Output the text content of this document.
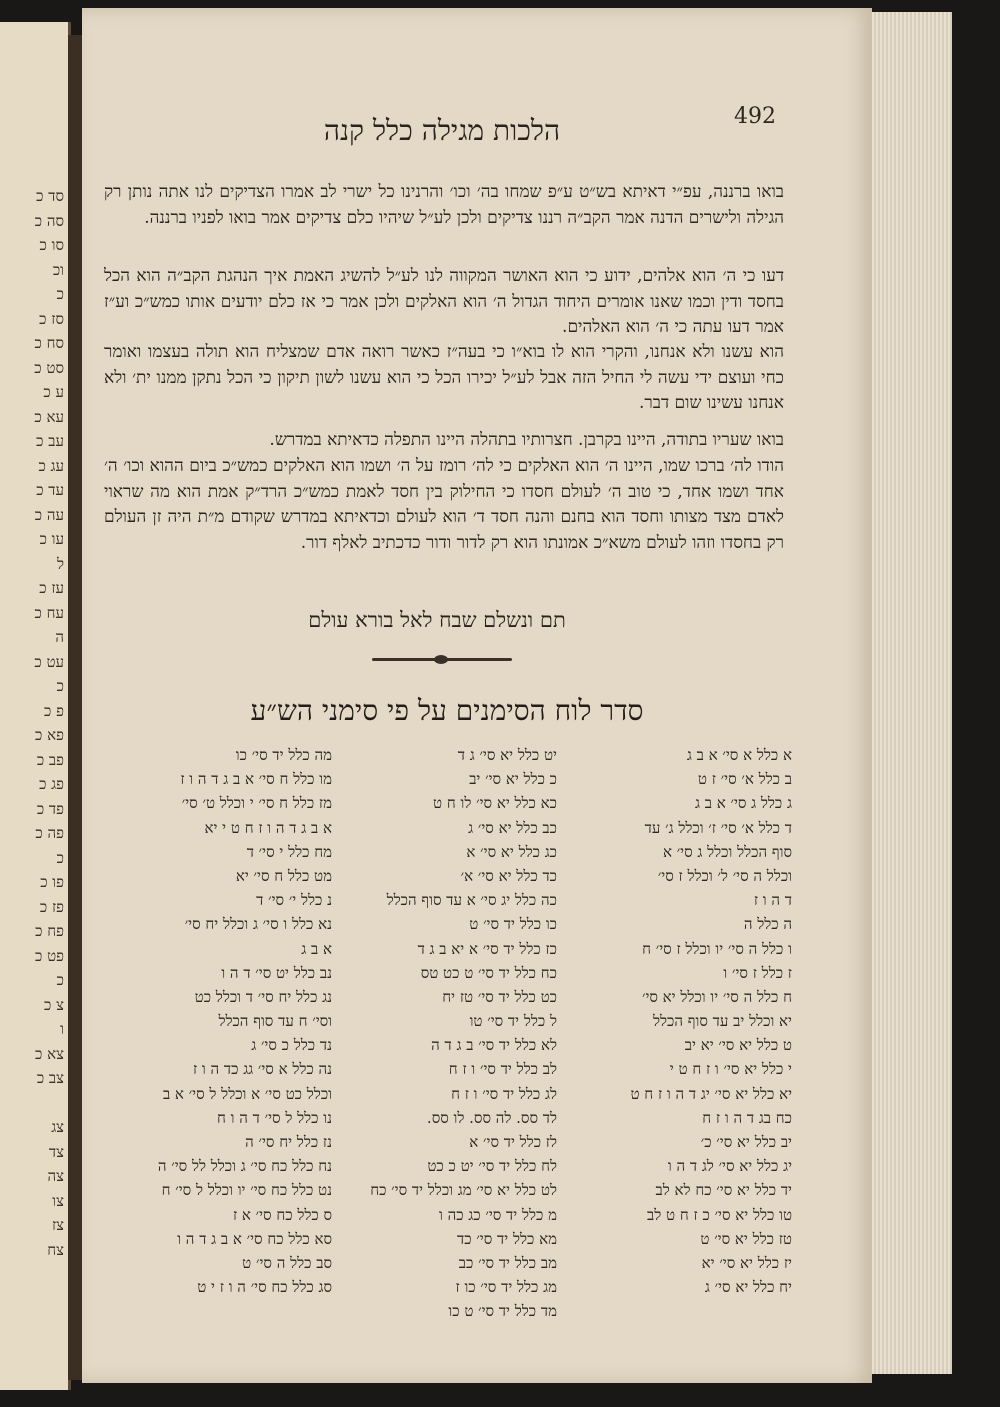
סד כ
סה כ
סו כ
וכ
כ
סז כ
סח כ
סט כ
ע כ
עא כ
עב כ
עג כ
עד כ
עה כ
עו כ
ל
עז כ
עח כ
ה
עט כ
כ
פ כ
פא כ
פב כ
פג כ
פד כ
פה כ
כ
פו כ
פז כ
פח כ
פט כ
כ
צ כ
ו
צא כ
צב כ
צג
צד
צה
צו
צז
צח
492
הלכות מגילה כלל קנה
בואו ברננה, עפ״י דאיתא בש״ט ע״פ שמחו בה׳ וכו׳ והרנינו כל ישרי לב אמרו הצדיקים לנו אתה נותן רק הגילה ולישרים הדנה אמר הקב״ה רננו צדיקים ולכן לע״ל שיהיו כלם צדיקים אמר בואו לפניו ברננה.
דעו כי ה׳ הוא אלהים, ידוע כי הוא האושר המקווה לנו לע״ל להשיג האמת איך הנהגת הקב״ה הוא הכל בחסד ודין וכמו שאנו אומרים היחוד הגדול ה׳ הוא האלקים ולכן אמר כי אז כלם יודעים אותו כמש״כ וע״ז אמר דעו עתה כי ה׳ הוא האלהים.
הוא עשנו ולא אנחנו, והקרי הוא לו בוא״ו כי בעה״ז כאשר רואה אדם שמצליח הוא תולה בעצמו ואומר כחי ועוצם ידי עשה לי החיל הזה אבל לע״ל יכירו הכל כי הוא עשנו לשון תיקון כי הכל נתקן ממנו ית׳ ולא אנחנו עשינו שום דבר.
בואו שעריו בתודה, היינו בקרבן. חצרותיו בתהלה היינו התפלה כדאיתא במדרש.
הודו לה׳ ברכו שמו, היינו ה׳ הוא האלקים כי לה׳ רומז על ה׳ ושמו הוא האלקים כמש״כ ביום ההוא וכו׳ ה׳ אחד ושמו אחד, כי טוב ה׳ לעולם חסדו כי החילוק בין חסד לאמת כמש״כ הרד״ק אמת הוא מה שראוי לאדם מצד מצותו וחסד הוא בחנם והנה חסד ד׳ הוא לעולם וכדאיתא במדרש שקודם מ״ת היה זן העולם רק בחסדו וזהו לעולם משא״כ אמונתו הוא רק לדור ודור כדכתיב לאלף דור.
תם ונשלם שבח לאל בורא עולם
סדר לוח הסימנים על פי סימני הש״ע
א כלל א סי׳ א ב ג
ב כלל א׳ סי׳ ז ט
ג כלל ג סי׳ א ב ג
ד כלל א׳ סי׳ ז׳ וכלל ג׳ עד
סוף הכלל וכלל ג סי׳ א
וכלל ה סי׳ ל׳ וכלל ז סי׳
ד ה ו ז
ה כלל ה
ו כלל ה סי׳ יו וכלל ז סי׳ ח
ז כלל ז סי׳ ו
ח כלל ה סי׳ יו וכלל יא סי׳
יא וכלל יב עד סוף הכלל
ט כלל יא סי׳ יא יב
י כלל יא סי׳ ו ז ח ט י
יא כלל יא סי׳ יג ד ה ו ז ח ט
כח בג ד ה ו ז ח
יב כלל יא סי׳ כ׳
יג כלל יא סי׳ לג ד ה ו
יד כלל יא סי׳ כח לא לב
טו כלל יא סי׳ כ ז ח ט לב
טז כלל יא סי׳ ט
יז כלל יא סי׳ יא
יח כלל יא סי׳ ג
יט כלל יא סי׳ ג ד
כ כלל יא סי׳ יב
כא כלל יא סי׳ לו ח ט
כב כלל יא סי׳ ג
כג כלל יא סי׳ א
כד כלל יא סי׳ א׳
כה כלל יג סי׳ א עד סוף הכלל
כו כלל יד סי׳ ט
כז כלל יד סי׳ א יא ב ג ד
כח כלל יד סי׳ ט כט טס
כט כלל יד סי׳ טז יח
ל כלל יד סי׳ טו
לא כלל יד סי׳ ב ג ד ה
לב כלל יד סי׳ ו ז ח
לג כלל יד סי׳ ו ז ח
לד סס. לה סס. לו סס.
לז כלל יד סי׳ א
לח כלל יד סי׳ יט כ כט
לט כלל יא סי׳ מג וכלל יד סי׳ כח
מ כלל יד סי׳ כג כה ו
מא כלל יד סי׳ כד
מב כלל יד סי׳ כב
מג כלל יד סי׳ כו ז
מד כלל יד סי׳ ט כו
מה כלל יד סי׳ כו
מו כלל ח סי׳ א ב ג ד ה ו ז
מז כלל ח סי׳ י וכלל ט׳ סי׳
א ב ג ד ה ו ז ח ט י יא
מח כלל י סי׳ ד
מט כלל ח סי׳ יא
נ כלל י׳ סי׳ ד
נא כלל ו סי׳ ג וכלל יח סי׳
א ב ג
נב כלל יט סי׳ ד ה ו
נג כלל יח סי׳ ד וכלל כט
וסי׳ ח עד סוף הכלל
נד כלל כ סי׳ ג
נה כלל א סי׳ גג כד ה ו ז
וכלל כט סי׳ א וכלל ל סי׳ א ב
נו כלל ל סי׳ ד ה ו ח
נז כלל יח סי׳ ה
נח כלל כח סי׳ ג וכלל לל סי׳ ה
נט כלל כח סי׳ יו וכלל ל סי׳ ח
ס כלל כח סי׳ א ז
סא כלל כח סי׳ א ב ג ד ה ו
סב כלל ה סי׳ ט
סג כלל כח סי׳ ה ו ז י ט
